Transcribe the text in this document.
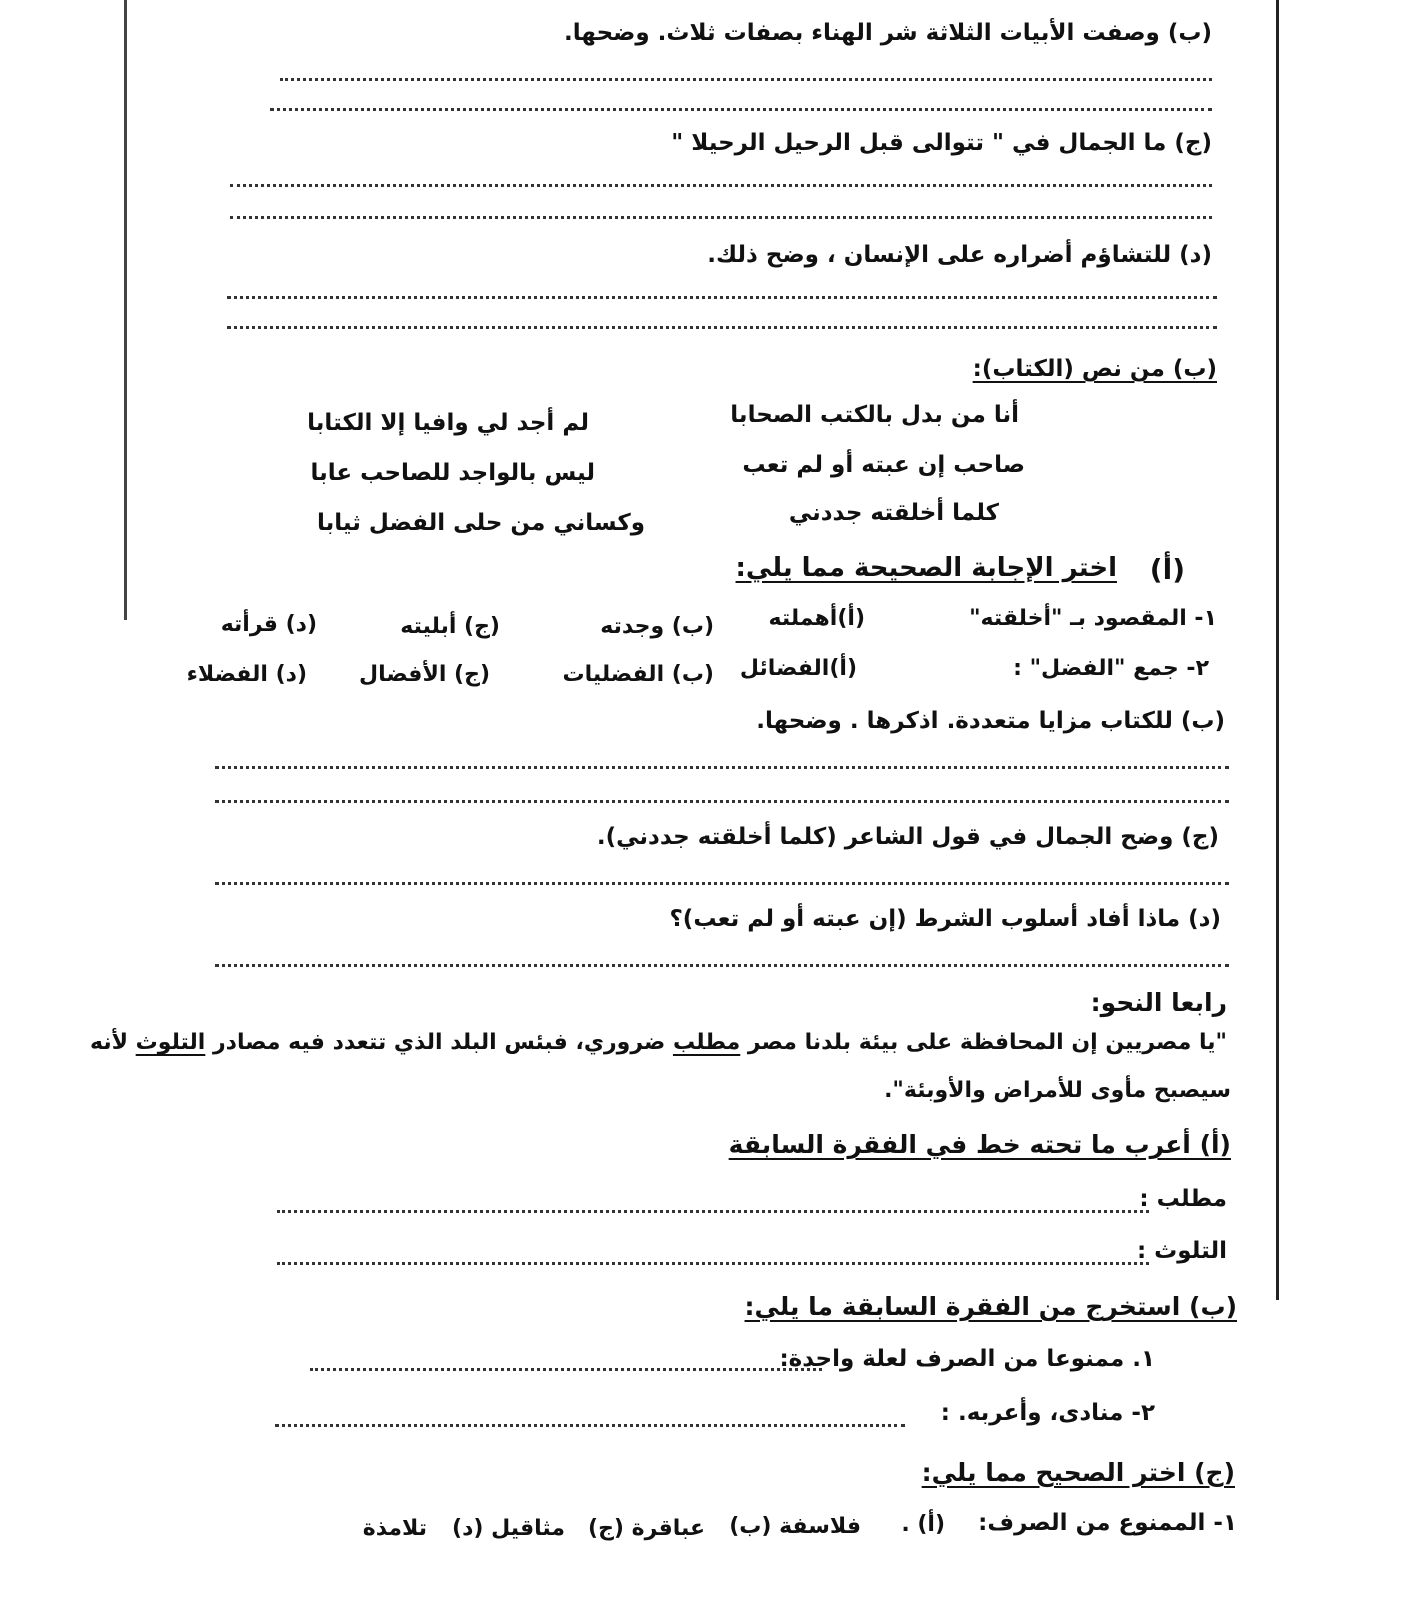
(ب) وصفت الأبيات الثلاثة شر الهناء بصفات ثلاث. وضحها.
(ج) ما الجمال في " تتوالى قبل الرحيل الرحيلا "
(د) للتشاؤم أضراره على الإنسان ، وضح ذلك.
(ب) من نص (الكتاب):
أنا من بدل بالكتب الصحابا
لم أجد لي وافيا إلا الكتابا
صاحب إن عبته أو لم تعب
ليس بالواجد للصاحب عابا
كلما أخلقته جددني
وكساني من حلى الفضل ثيابا
(أ)
اختر الإجابة الصحيحة مما يلي:
١- المقصود بـ "أخلقته"
(أ)أهملته
(ب) وجدته
(ج) أبليته
(د) قرأته
٢- جمع "الفضل" :
(أ)الفضائل
(ب) الفضليات
(ج) الأفضال
(د) الفضلاء
(ب) للكتاب مزايا متعددة. اذكرها . وضحها.
(ج) وضح الجمال في قول الشاعر (كلما أخلقته جددني).
(د) ماذا أفاد أسلوب الشرط (إن عبته أو لم تعب)؟
رابعا النحو:
"يا مصريين إن المحافظة على بيئة بلدنا مصر مطلب ضروري، فبئس البلد الذي تتعدد فيه مصادر التلوث لأنه
سيصبح مأوى للأمراض والأوبئة".
(أ) أعرب ما تحته خط في الفقرة السابقة
مطلب :
التلوث :
(ب) استخرج من الفقرة السابقة ما يلي:
١. ممنوعا من الصرف لعلة واحدة:
٢- منادى، وأعربه. :
(ج) اختر الصحيح مما يلي:
١- الممنوع من الصرف:
(أ) .
فلاسفة (ب)
عباقرة (ج)
مثاقيل (د)
تلامذة
